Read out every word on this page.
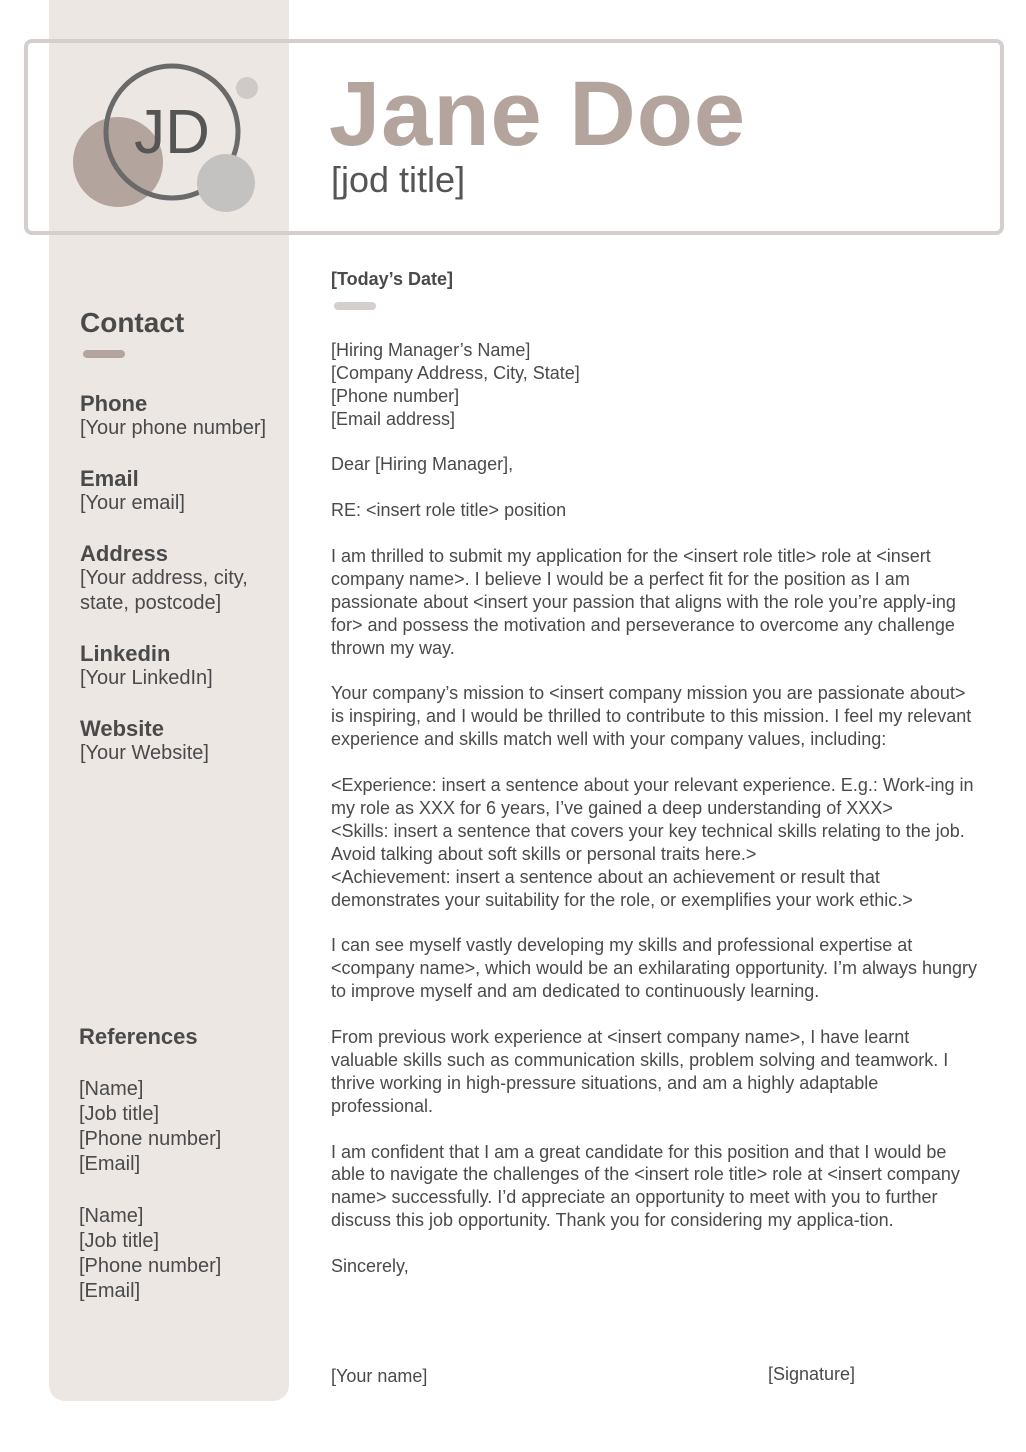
JD Jane Doe
[jod title]
Contact
Phone
[Your phone number]
Email
[Your email]
Address
[Your address, city, state, postcode]
Linkedin
[Your LinkedIn]
Website
[Your Website]
References
[Name]
[Job title]
[Phone number]
[Email]
[Name]
[Job title]
[Phone number]
[Email]
[Today’s Date]
[Hiring Manager’s Name]
[Company Address, City, State]
[Phone number]
[Email address]

Dear [Hiring Manager],

RE: <insert role title> position

I am thrilled to submit my application for the <insert role title> role at <insert company name>. I believe I would be a perfect fit for the position as I am passionate about <insert your passion that aligns with the role you’re apply-ing for> and possess the motivation and perseverance to overcome any challenge thrown my way.

Your company’s mission to <insert company mission you are passionate about> is inspiring, and I would be thrilled to contribute to this mission. I feel my relevant experience and skills match well with your company values, including:

<Experience: insert a sentence about your relevant experience. E.g.: Work-ing in my role as XXX for 6 years, I’ve gained a deep understanding of XXX>
<Skills: insert a sentence that covers your key technical skills relating to the job. Avoid talking about soft skills or personal traits here.>
<Achievement: insert a sentence about an achievement or result that demonstrates your suitability for the role, or exemplifies your work ethic.>

I can see myself vastly developing my skills and professional expertise at <company name>, which would be an exhilarating opportunity. I’m always hungry to improve myself and am dedicated to continuously learning.

From previous work experience at <insert company name>, I have learnt valuable skills such as communication skills, problem solving and teamwork. I thrive working in high-pressure situations, and am a highly adaptable professional.

I am confident that I am a great candidate for this position and that I would be able to navigate the challenges of the <insert role title> role at <insert company name> successfully. I’d appreciate an opportunity to meet with you to further discuss this job opportunity. Thank you for considering my applica-tion.

Sincerely,

[Your name]	[Signature]
